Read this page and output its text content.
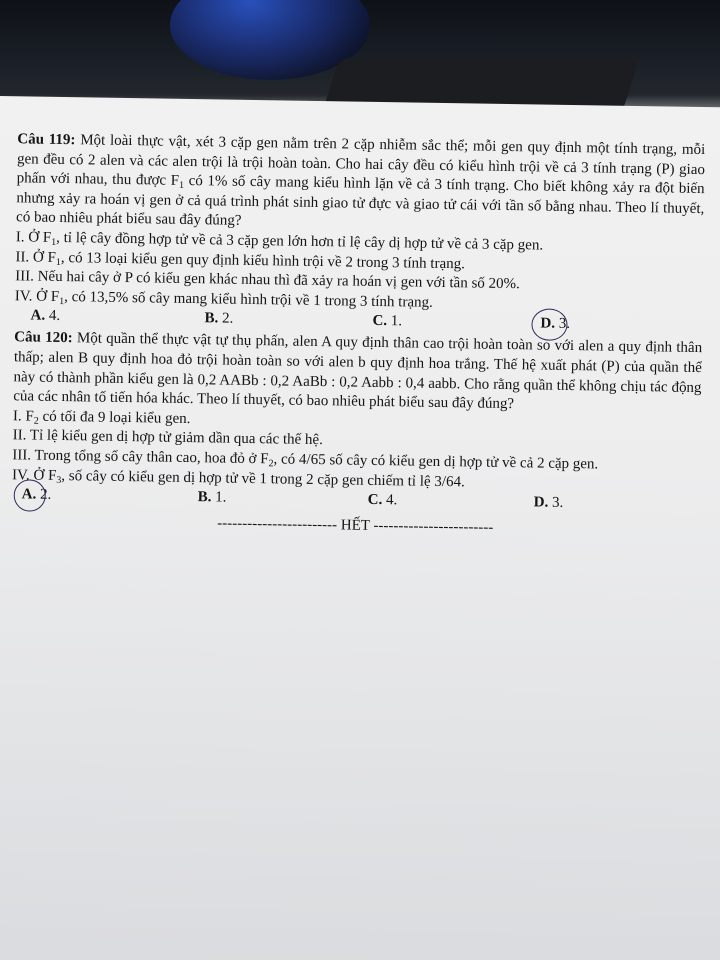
Câu 119: Một loài thực vật, xét 3 cặp gen nằm trên 2 cặp nhiễm sắc thể; mỗi gen quy định một tính trạng, mỗi gen đều có 2 alen và các alen trội là trội hoàn toàn. Cho hai cây đều có kiểu hình trội về cả 3 tính trạng (P) giao phấn với nhau, thu được $F_1$ có 1% số cây mang kiểu hình lặn về cả 3 tính trạng. Cho biết không xảy ra đột biến nhưng xảy ra hoán vị gen ở cả quá trình phát sinh giao tử đực và giao tử cái với tần số bằng nhau. Theo lí thuyết, có bao nhiêu phát biểu sau đây đúng?

I. Ở $F_1$, tỉ lệ cây đồng hợp tử về cả 3 cặp gen lớn hơn tỉ lệ cây dị hợp tử về cả 3 cặp gen.

II. Ở $F_1$, có 13 loại kiểu gen quy định kiểu hình trội về 2 trong 3 tính trạng.

III. Nếu hai cây ở P có kiểu gen khác nhau thì đã xảy ra hoán vị gen với tần số 20%.

IV. Ở $F_1$, có 13,5% số cây mang kiểu hình trội về 1 trong 3 tính trạng.

A. 4.	B. 2.	C. 1.	D. 3.

Câu 120: Một quần thể thực vật tự thụ phấn, alen A quy định thân cao trội hoàn toàn so với alen a quy định thân thấp; alen B quy định hoa đỏ trội hoàn toàn so với alen b quy định hoa trắng. Thế hệ xuất phát (P) của quần thể này có thành phần kiểu gen là 0,2 AABb : 0,2 AaBb : 0,2 Aabb : 0,4 aabb. Cho rằng quần thể không chịu tác động của các nhân tố tiến hóa khác. Theo lí thuyết, có bao nhiêu phát biểu sau đây đúng?

I. $F_2$ có tối đa 9 loại kiểu gen.

II. Tỉ lệ kiểu gen dị hợp tử giảm dần qua các thế hệ.

III. Trong tổng số cây thân cao, hoa đỏ ở $F_2$, có 4/65 số cây có kiểu gen dị hợp tử về cả 2 cặp gen.

IV. Ở $F_3$, số cây có kiểu gen dị hợp tử về 1 trong 2 cặp gen chiếm tỉ lệ 3/64.

A. 2.	B. 1.	C. 4.	D. 3.
------------------------ HẾT ------------------------
